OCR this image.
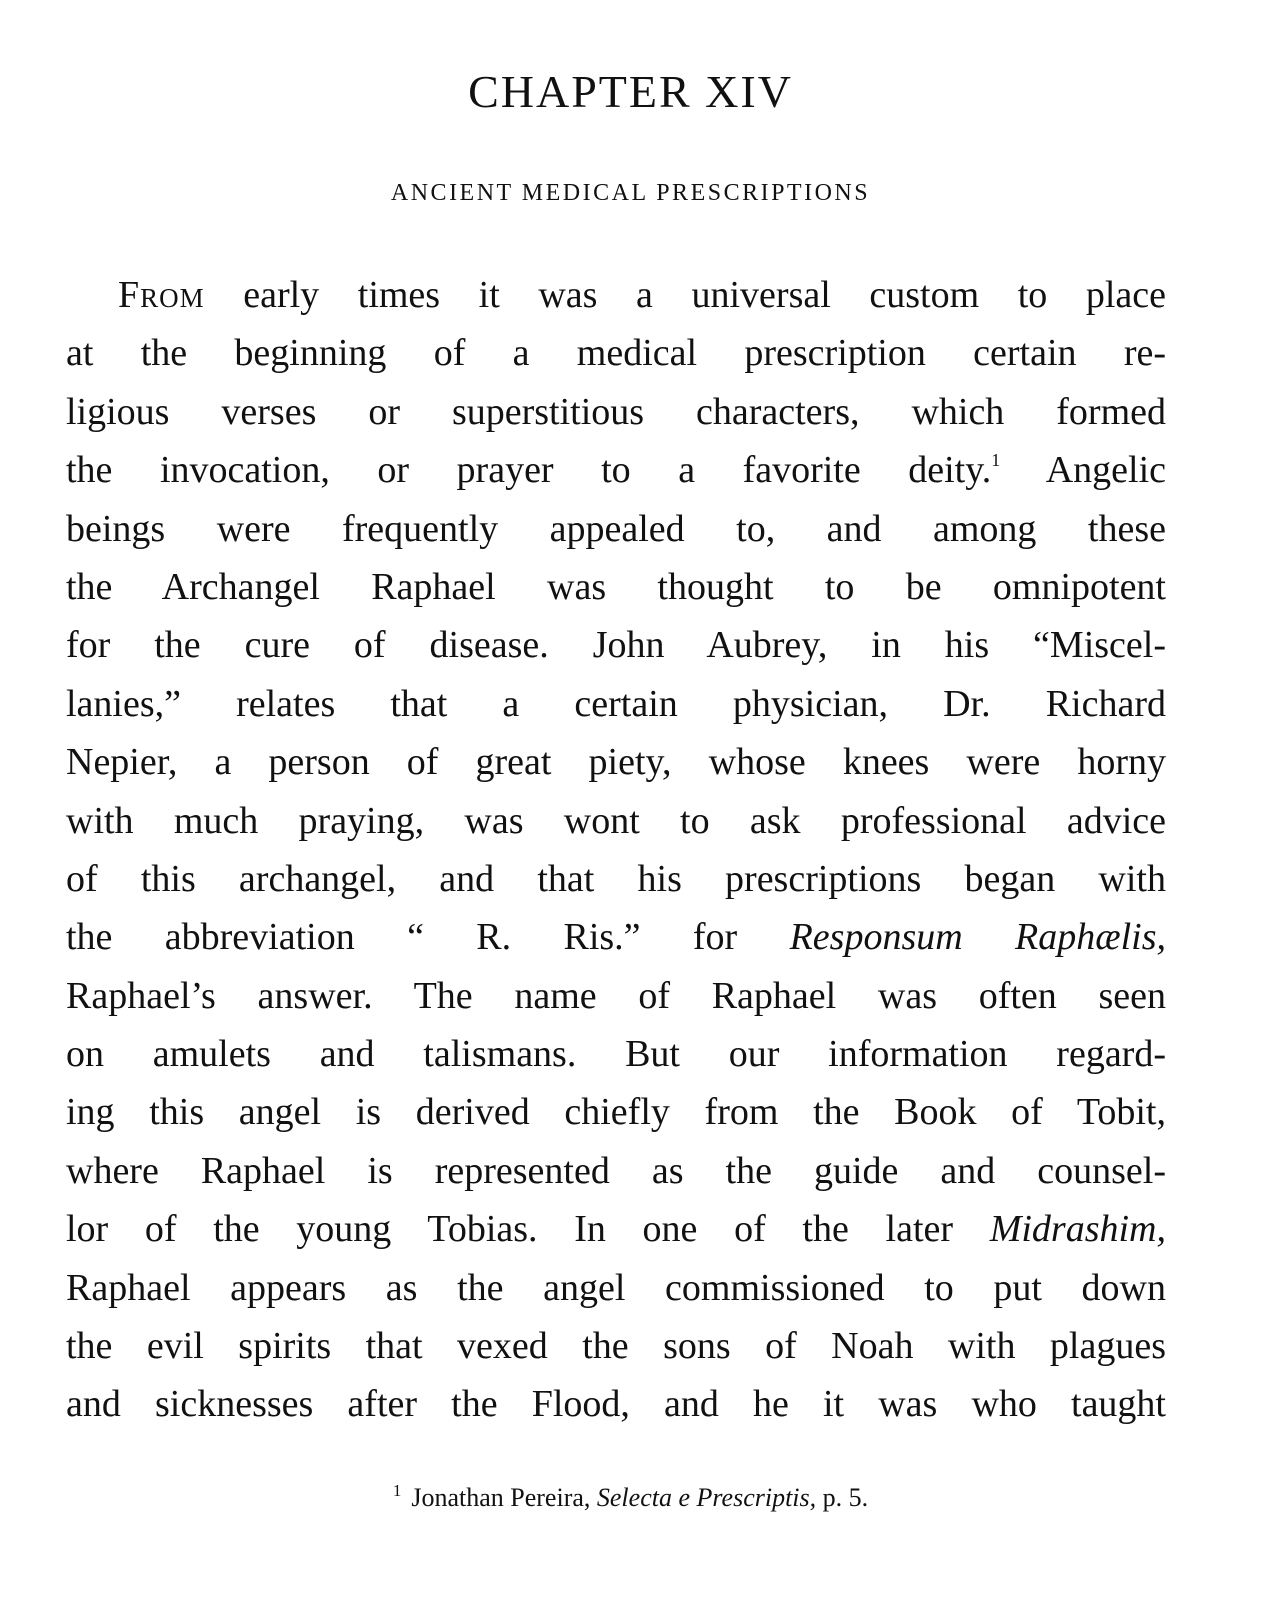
CHAPTER XIV
ANCIENT MEDICAL PRESCRIPTIONS
From early times it was a universal custom to place
at the beginning of a medical prescription certain re-
ligious verses or superstitious characters, which formed
the invocation, or prayer to a favorite deity.$^1$ Angelic
beings were frequently appealed to, and among these
the Archangel Raphael was thought to be omnipotent
for the cure of disease. John Aubrey, in his “Miscel-
lanies,” relates that a certain physician, Dr. Richard
Nepier, a person of great piety, whose knees were horny
with much praying, was wont to ask professional advice
of this archangel, and that his prescriptions began with
the abbreviation “ R. Ris.” for Responsum Raphælis,
Raphael’s answer. The name of Raphael was often seen
on amulets and talismans. But our information regard-
ing this angel is derived chiefly from the Book of Tobit,
where Raphael is represented as the guide and counsel-
lor of the young Tobias. In one of the later Midrashim,
Raphael appears as the angel commissioned to put down
the evil spirits that vexed the sons of Noah with plagues
and sicknesses after the Flood, and he it was who taught

$^1$ Jonathan Pereira, Selecta e Prescriptis, p. 5.
